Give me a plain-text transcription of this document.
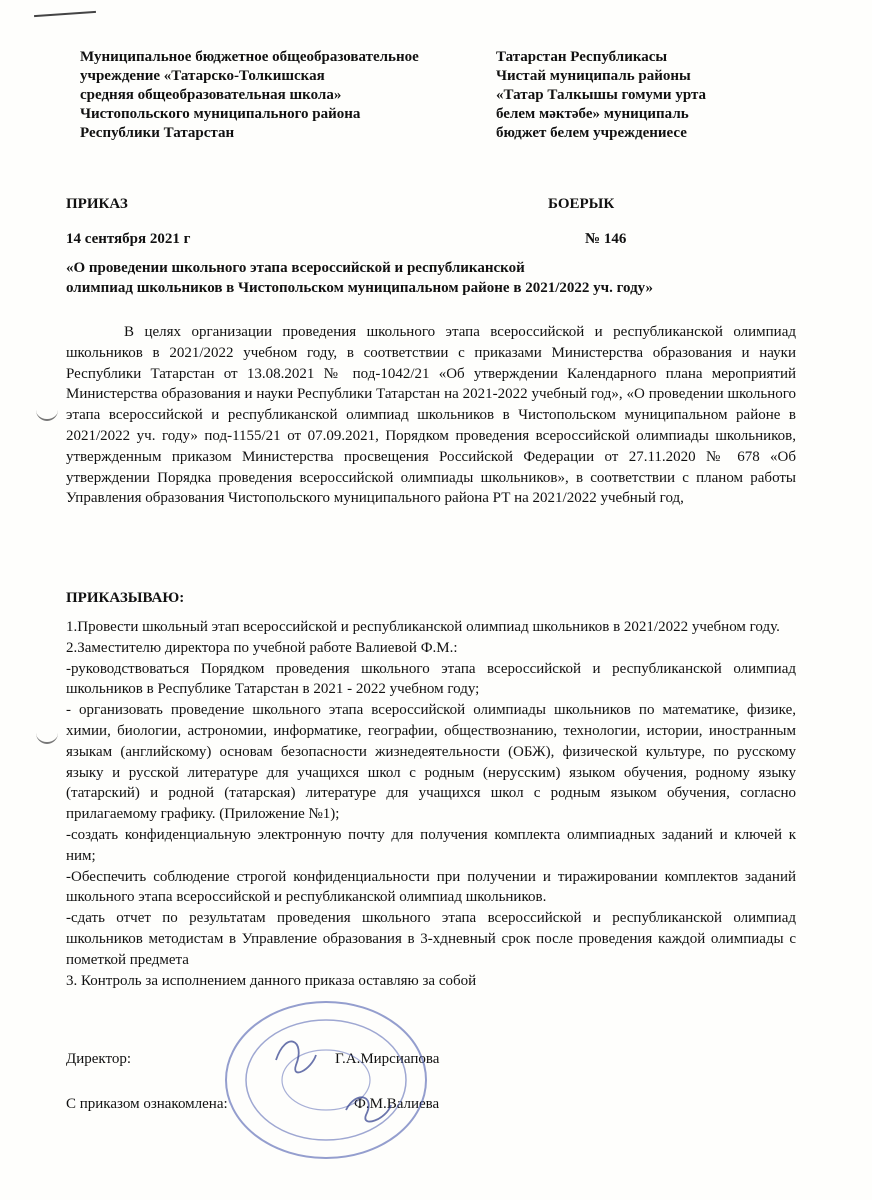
Муниципальное бюджетное общеобразовательное
учреждение «Татарско-Толкишская
средняя общеобразовательная школа»
Чистопольского муниципального района
Республики Татарстан
Татарстан Республикасы
Чистай муниципаль районы
«Татар Талкышы гомуми урта
белем мәктәбе» муниципаль
бюджет белем учреждениесе
ПРИКАЗ	БОЕРЫК
14 сентября 2021 г	№ 146
«О проведении школьного этапа всероссийской и республиканской
олимпиад школьников в Чистопольском муниципальном районе в 2021/2022 уч. году»

В целях организации проведения школьного этапа всероссийской и республиканской олимпиад школьников в 2021/2022 учебном году, в соответствии с приказами Министерства образования и науки Республики Татарстан от 13.08.2021 № под-1042/21 «Об утверждении Календарного плана мероприятий Министерства образования и науки Республики Татарстан на 2021-2022 учебный год», «О проведении школьного этапа всероссийской и республиканской олимпиад школьников в Чистопольском муниципальном районе в 2021/2022 уч. году» под-1155/21 от 07.09.2021, Порядком проведения всероссийской олимпиады школьников, утвержденным приказом Министерства просвещения Российской Федерации от 27.11.2020 № 678 «Об утверждении Порядка проведения всероссийской олимпиады школьников», в соответствии с планом работы Управления образования Чистопольского муниципального района РТ на 2021/2022 учебный год,

ПРИКАЗЫВАЮ:

1.Провести школьный этап всероссийской и республиканской олимпиад школьников в 2021/2022 учебном году.

2.Заместителю директора по учебной работе Валиевой Ф.М.:

-руководствоваться Порядком проведения школьного этапа всероссийской и республиканской олимпиад школьников в Республике Татарстан в 2021 - 2022 учебном году;

- организовать проведение школьного этапа всероссийской олимпиады школьников по математике, физике, химии, биологии, астрономии, информатике, географии, обществознанию, технологии, истории, иностранным языкам (английскому) основам безопасности жизнедеятельности (ОБЖ), физической культуре, по русскому языку и русской литературе для учащихся школ с родным (нерусским) языком обучения, родному языку (татарский) и родной (татарская) литературе для учащихся школ с родным языком обучения, согласно прилагаемому графику. (Приложение №1);

-создать конфиденциальную электронную почту для получения комплекта олимпиадных заданий и ключей к ним;

-Обеспечить соблюдение строгой конфиденциальности при получении и тиражировании комплектов заданий школьного этапа всероссийской и республиканской олимпиад школьников.

-сдать отчет по результатам проведения школьного этапа всероссийской и республиканской олимпиад школьников методистам в Управление образования в 3-хдневный срок после проведения каждой олимпиады с пометкой предмета

3. Контроль за исполнением данного приказа оставляю за собой

Директор:	Г.А.Мирсиапова
С приказом ознакомлена:	Ф.М.Валиева
